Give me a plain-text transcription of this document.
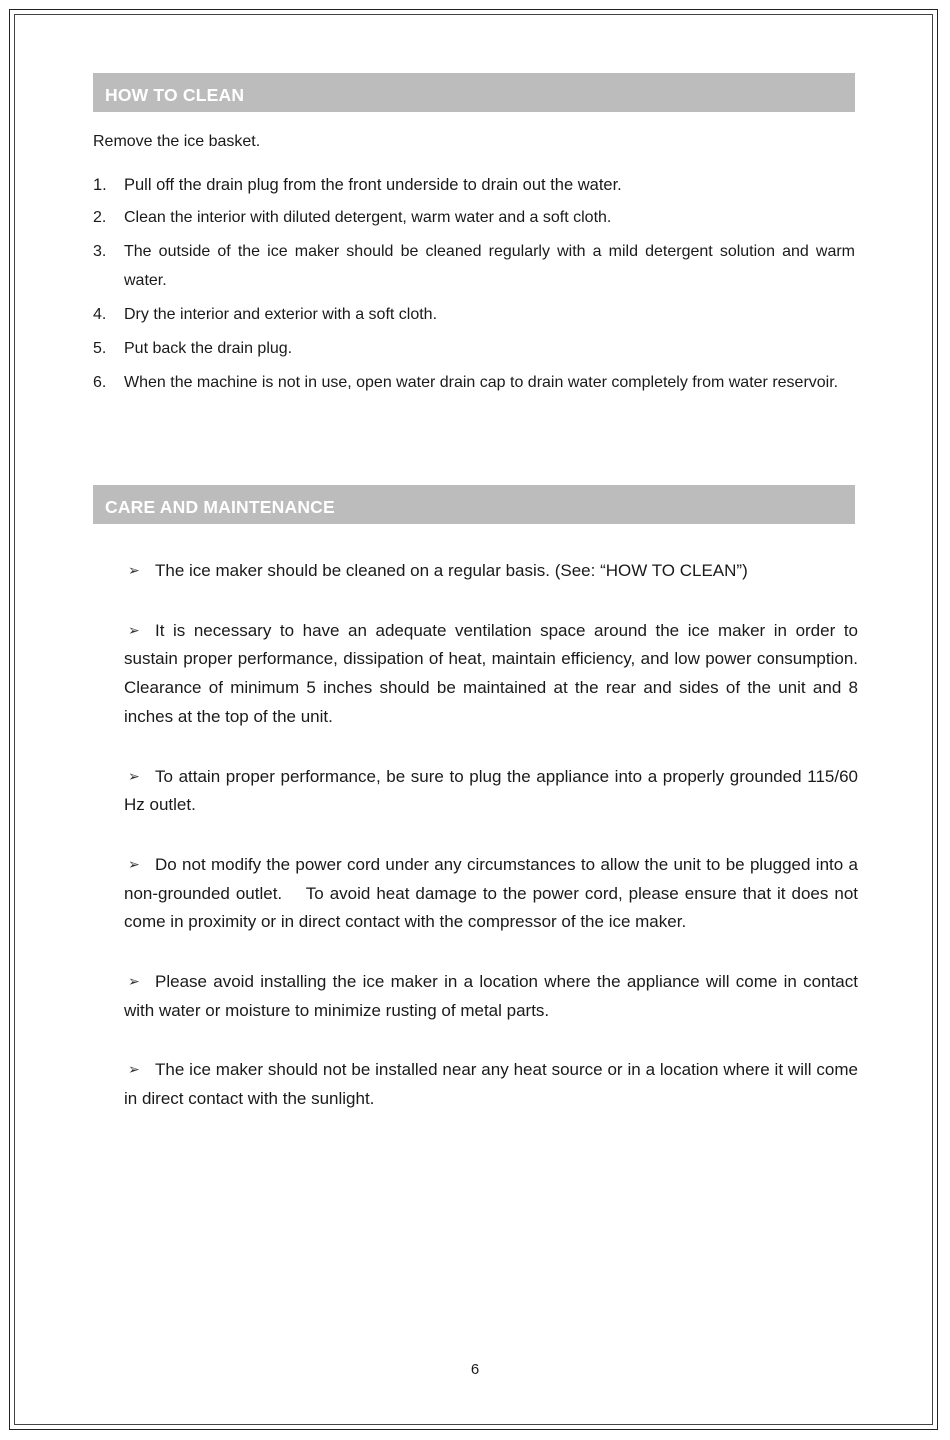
HOW TO CLEAN
Remove the ice basket.
1. Pull off the drain plug from the front underside to drain out the water.
2. Clean the interior with diluted detergent, warm water and a soft cloth.
3. The outside of the ice maker should be cleaned regularly with a mild detergent solution and warm water.
4. Dry the interior and exterior with a soft cloth.
5. Put back the drain plug.
6. When the machine is not in use, open water drain cap to drain water completely from water reservoir.
CARE AND MAINTENANCE
➢ The ice maker should be cleaned on a regular basis. (See: “HOW TO CLEAN”)
➢ It is necessary to have an adequate ventilation space around the ice maker in order to sustain proper performance, dissipation of heat, maintain efficiency, and low power consumption.    Clearance of minimum 5 inches should be maintained at the rear and sides of the unit and 8 inches at the top of the unit.
➢ To attain proper performance, be sure to plug the appliance into a properly grounded 115/60 Hz outlet.
➢ Do not modify the power cord under any circumstances to allow the unit to be plugged into a non-grounded outlet.    To avoid heat damage to the power cord, please ensure that it does not come in proximity or in direct contact with the compressor of the ice maker.
➢ Please avoid installing the ice maker in a location where the appliance will come in contact with water or moisture to minimize rusting of metal parts.
➢ The ice maker should not be installed near any heat source or in a location where it will come in direct contact with the sunlight.
6
